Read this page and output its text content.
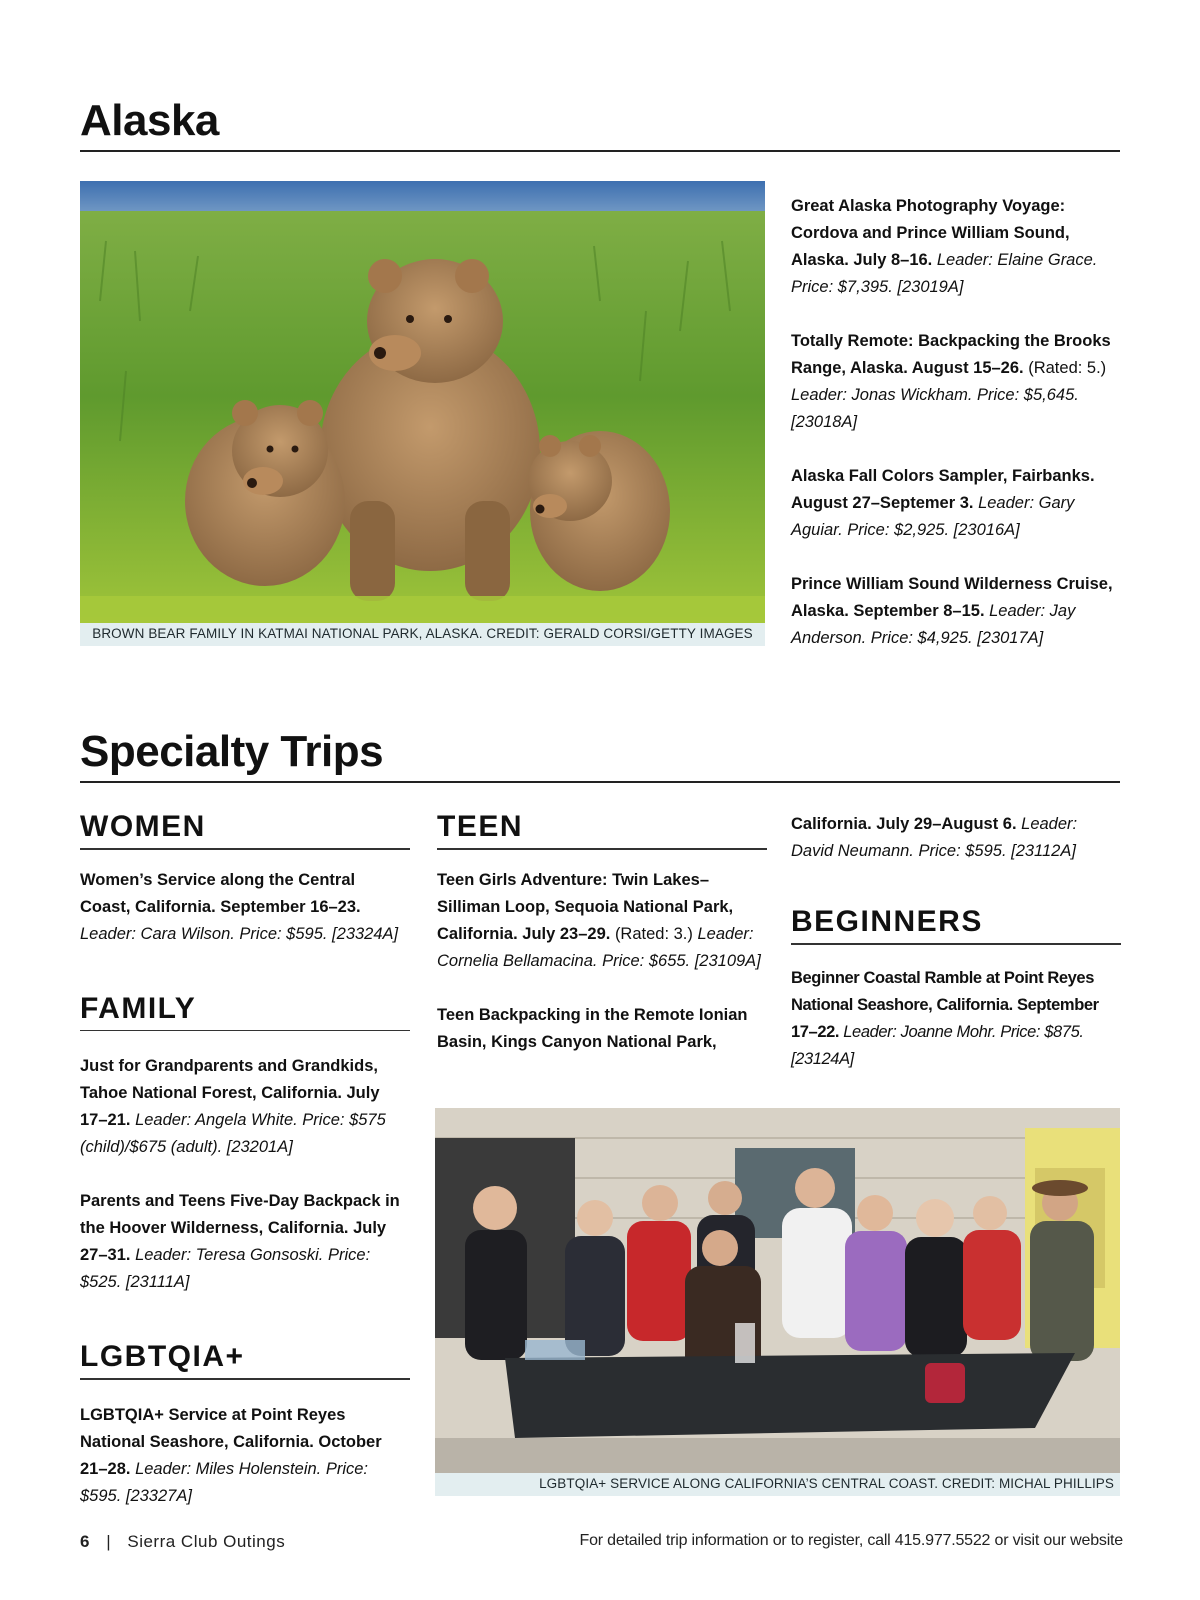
Alaska
BROWN BEAR FAMILY IN KATMAI NATIONAL PARK, ALASKA. CREDIT: GERALD CORSI/GETTY IMAGES
Great Alaska Photography Voyage: Cordova and Prince William Sound, Alaska. July 8–16. Leader: Elaine Grace. Price: $7,395. [23019A]
Totally Remote: Backpacking the Brooks Range, Alaska. August 15–26. (Rated: 5.) Leader: Jonas Wickham. Price: $5,645. [23018A]
Alaska Fall Colors Sampler, Fairbanks. August 27–Septemer 3. Leader: Gary Aguiar. Price: $2,925. [23016A]
Prince William Sound Wilderness Cruise, Alaska. September 8–15. Leader: Jay Anderson. Price: $4,925. [23017A]
Specialty Trips
WOMEN
Women’s Service along the Central Coast, California. September 16–23. Leader: Cara Wilson. Price: $595. [23324A]
FAMILY
Just for Grandparents and Grandkids, Tahoe National Forest, California. July 17–21. Leader: Angela White. Price: $575 (child)/$675 (adult). [23201A]
Parents and Teens Five-Day Backpack in the Hoover Wilderness, California. July 27–31. Leader: Teresa Gonsoski. Price: $525. [23111A]
LGBTQIA+
LGBTQIA+ Service at Point Reyes National Seashore, California. October 21–28. Leader: Miles Holenstein. Price: $595. [23327A]
TEEN
Teen Girls Adventure: Twin Lakes–Silliman Loop, Sequoia National Park, California. July 23–29. (Rated: 3.) Leader: Cornelia Bellamacina. Price: $655. [23109A]
Teen Backpacking in the Remote Ionian Basin, Kings Canyon National Park,
California. July 29–August 6. Leader: David Neumann. Price: $595. [23112A]
BEGINNERS
Beginner Coastal Ramble at Point Reyes National Seashore, California. September 17–22. Leader: Joanne Mohr. Price: $875. [23124A]
LGBTQIA+ SERVICE ALONG CALIFORNIA’S CENTRAL COAST. CREDIT: MICHAL PHILLIPS
6 | Sierra Club Outings	For detailed trip information or to register, call 415.977.5522 or visit our website
